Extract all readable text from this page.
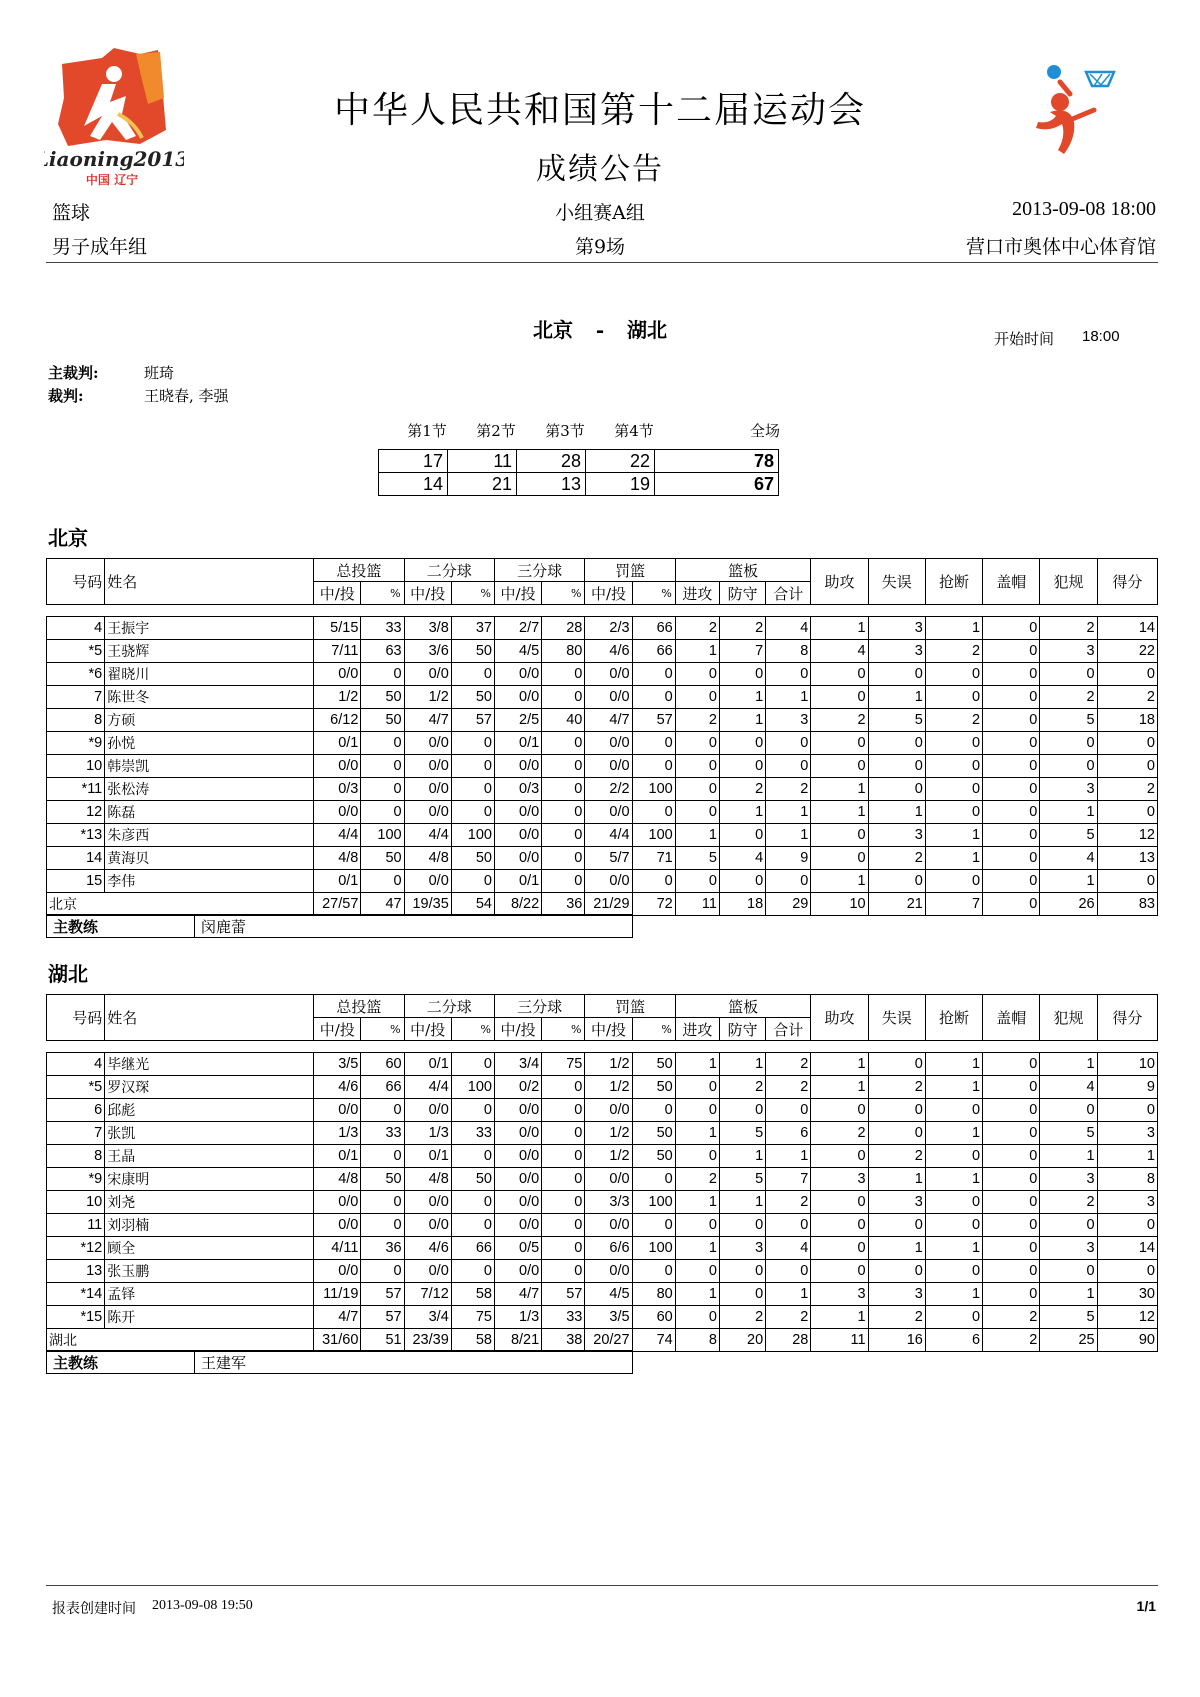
Liaoning2013
中国 辽宁
中华人民共和国第十二届运动会
成绩公告
篮球	小组赛A组	2013-09-08 18:00
男子成年组	第9场	营口市奥体中心体育馆
北京 - 湖北	开始时间 18:00
主裁判:	班琦
裁判:	王晓春, 李强
第1节	第2节	第3节	第4节	全场
17	11	28	22	78
14	21	13	19	67
北京
号码	姓名	总投篮		二分球		三分球		罚篮		篮板			助攻	失误	抢断	盖帽	犯规	得分
		中/投	%	中/投	%	中/投	%	中/投	%	进攻	防守	合计						
4	王振宇	5/15	33	3/8	37	2/7	28	2/3	66	2	2	4	1	3	1	0	2	14
*5	王骁辉	7/11	63	3/6	50	4/5	80	4/6	66	1	7	8	4	3	2	0	3	22
*6	翟晓川	0/0	0	0/0	0	0/0	0	0/0	0	0	0	0	0	0	0	0	0	0
7	陈世冬	1/2	50	1/2	50	0/0	0	0/0	0	0	1	1	0	1	0	0	2	2
8	方硕	6/12	50	4/7	57	2/5	40	4/7	57	2	1	3	2	5	2	0	5	18
*9	孙悦	0/1	0	0/0	0	0/1	0	0/0	0	0	0	0	0	0	0	0	0	0
10	韩崇凯	0/0	0	0/0	0	0/0	0	0/0	0	0	0	0	0	0	0	0	0	0
*11	张松涛	0/3	0	0/0	0	0/3	0	2/2	100	0	2	2	1	0	0	0	3	2
12	陈磊	0/0	0	0/0	0	0/0	0	0/0	0	0	1	1	1	1	0	0	1	0
*13	朱彦西	4/4	100	4/4	100	0/0	0	4/4	100	1	0	1	0	3	1	0	5	12
14	黄海贝	4/8	50	4/8	50	0/0	0	5/7	71	5	4	9	0	2	1	0	4	13
15	李伟	0/1	0	0/0	0	0/1	0	0/0	0	0	0	0	1	0	0	0	1	0
北京		27/57	47	19/35	54	8/22	36	21/29	72	11	18	29	10	21	7	0	26	83
主教练	闵鹿蕾
湖北
号码	姓名	总投篮		二分球		三分球		罚篮		篮板			助攻	失误	抢断	盖帽	犯规	得分
		中/投	%	中/投	%	中/投	%	中/投	%	进攻	防守	合计						
4	毕继光	3/5	60	0/1	0	3/4	75	1/2	50	1	1	2	1	0	1	0	1	10
*5	罗汉琛	4/6	66	4/4	100	0/2	0	1/2	50	0	2	2	1	2	1	0	4	9
6	邱彪	0/0	0	0/0	0	0/0	0	0/0	0	0	0	0	0	0	0	0	0	0
7	张凯	1/3	33	1/3	33	0/0	0	1/2	50	1	5	6	2	0	1	0	5	3
8	王晶	0/1	0	0/1	0	0/0	0	1/2	50	0	1	1	0	2	0	0	1	1
*9	宋康明	4/8	50	4/8	50	0/0	0	0/0	0	2	5	7	3	1	1	0	3	8
10	刘尧	0/0	0	0/0	0	0/0	0	3/3	100	1	1	2	0	3	0	0	2	3
11	刘羽楠	0/0	0	0/0	0	0/0	0	0/0	0	0	0	0	0	0	0	0	0	0
*12	顾全	4/11	36	4/6	66	0/5	0	6/6	100	1	3	4	0	1	1	0	3	14
13	张玉鹏	0/0	0	0/0	0	0/0	0	0/0	0	0	0	0	0	0	0	0	0	0
*14	孟铎	11/19	57	7/12	58	4/7	57	4/5	80	1	0	1	3	3	1	0	1	30
*15	陈开	4/7	57	3/4	75	1/3	33	3/5	60	0	2	2	1	2	0	2	5	12
湖北		31/60	51	23/39	58	8/21	38	20/27	74	8	20	28	11	16	6	2	25	90
主教练	王建军
报表创建时间 2013-09-08 19:50	1/1
